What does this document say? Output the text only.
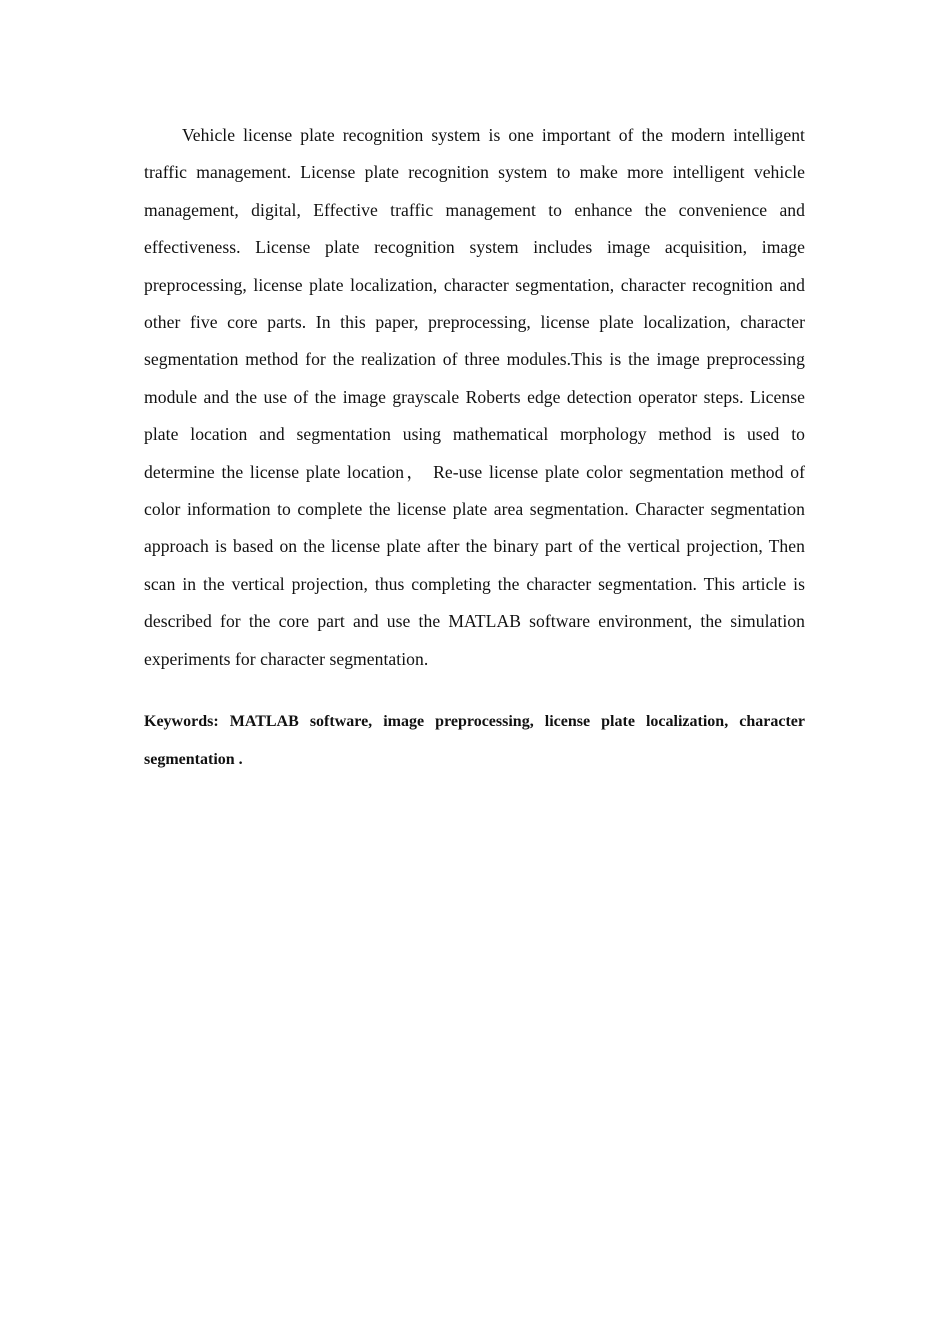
Vehicle license plate recognition system is one important of the modern intelligent traffic management. License plate recognition system to make more intelligent vehicle management, digital, Effective traffic management to enhance the convenience and effectiveness. License plate recognition system includes image acquisition, image preprocessing, license plate localization, character segmentation, character recognition and other five core parts. In this paper, preprocessing, license plate localization, character segmentation method for the realization of three modules.This is the image preprocessing module and the use of the image grayscale Roberts edge detection operator steps. License plate location and segmentation using mathematical morphology method is used to determine the license plate location， Re-use license plate color segmentation method of color information to complete the license plate area segmentation. Character segmentation approach is based on the license plate after the binary part of the vertical projection, Then scan in the vertical projection, thus completing the character segmentation. This article is described for the core part and use the MATLAB software environment, the simulation experiments for character segmentation.

Keywords: MATLAB software, image preprocessing, license plate localization, character segmentation .
